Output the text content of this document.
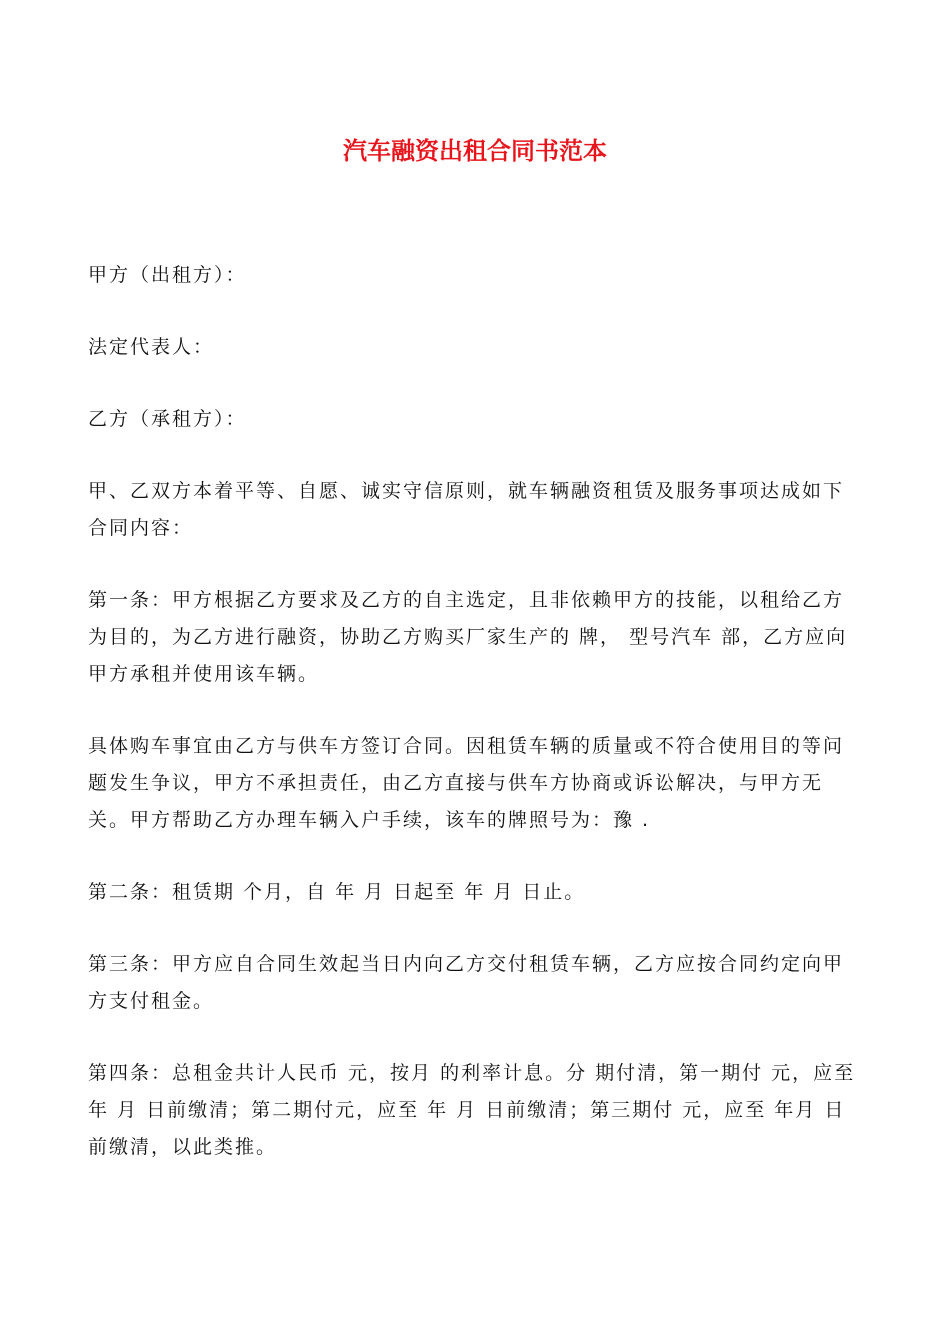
汽车融资出租合同书范本

甲方（出租方）：

法定代表人：

乙方（承租方）：

甲、乙双方本着平等、自愿、诚实守信原则，就车辆融资租赁及服务事项达成如下合同内容：

第一条：甲方根据乙方要求及乙方的自主选定，且非依赖甲方的技能，以租给乙方为目的，为乙方进行融资，协助乙方购买厂家生产的 牌， 型号汽车 部，乙方应向甲方承租并使用该车辆。

具体购车事宜由乙方与供车方签订合同。因租赁车辆的质量或不符合使用目的等问题发生争议，甲方不承担责任，由乙方直接与供车方协商或诉讼解决，与甲方无关。甲方帮助乙方办理车辆入户手续，该车的牌照号为：豫 .

第二条：租赁期 个月，自 年 月 日起至 年 月 日止。

第三条：甲方应自合同生效起当日内向乙方交付租赁车辆，乙方应按合同约定向甲方支付租金。

第四条：总租金共计人民币 元，按月 的利率计息。分 期付清，第一期付 元，应至 年 月 日前缴清；第二期付元，应至 年 月 日前缴清；第三期付 元，应至 年月 日前缴清，以此类推。
